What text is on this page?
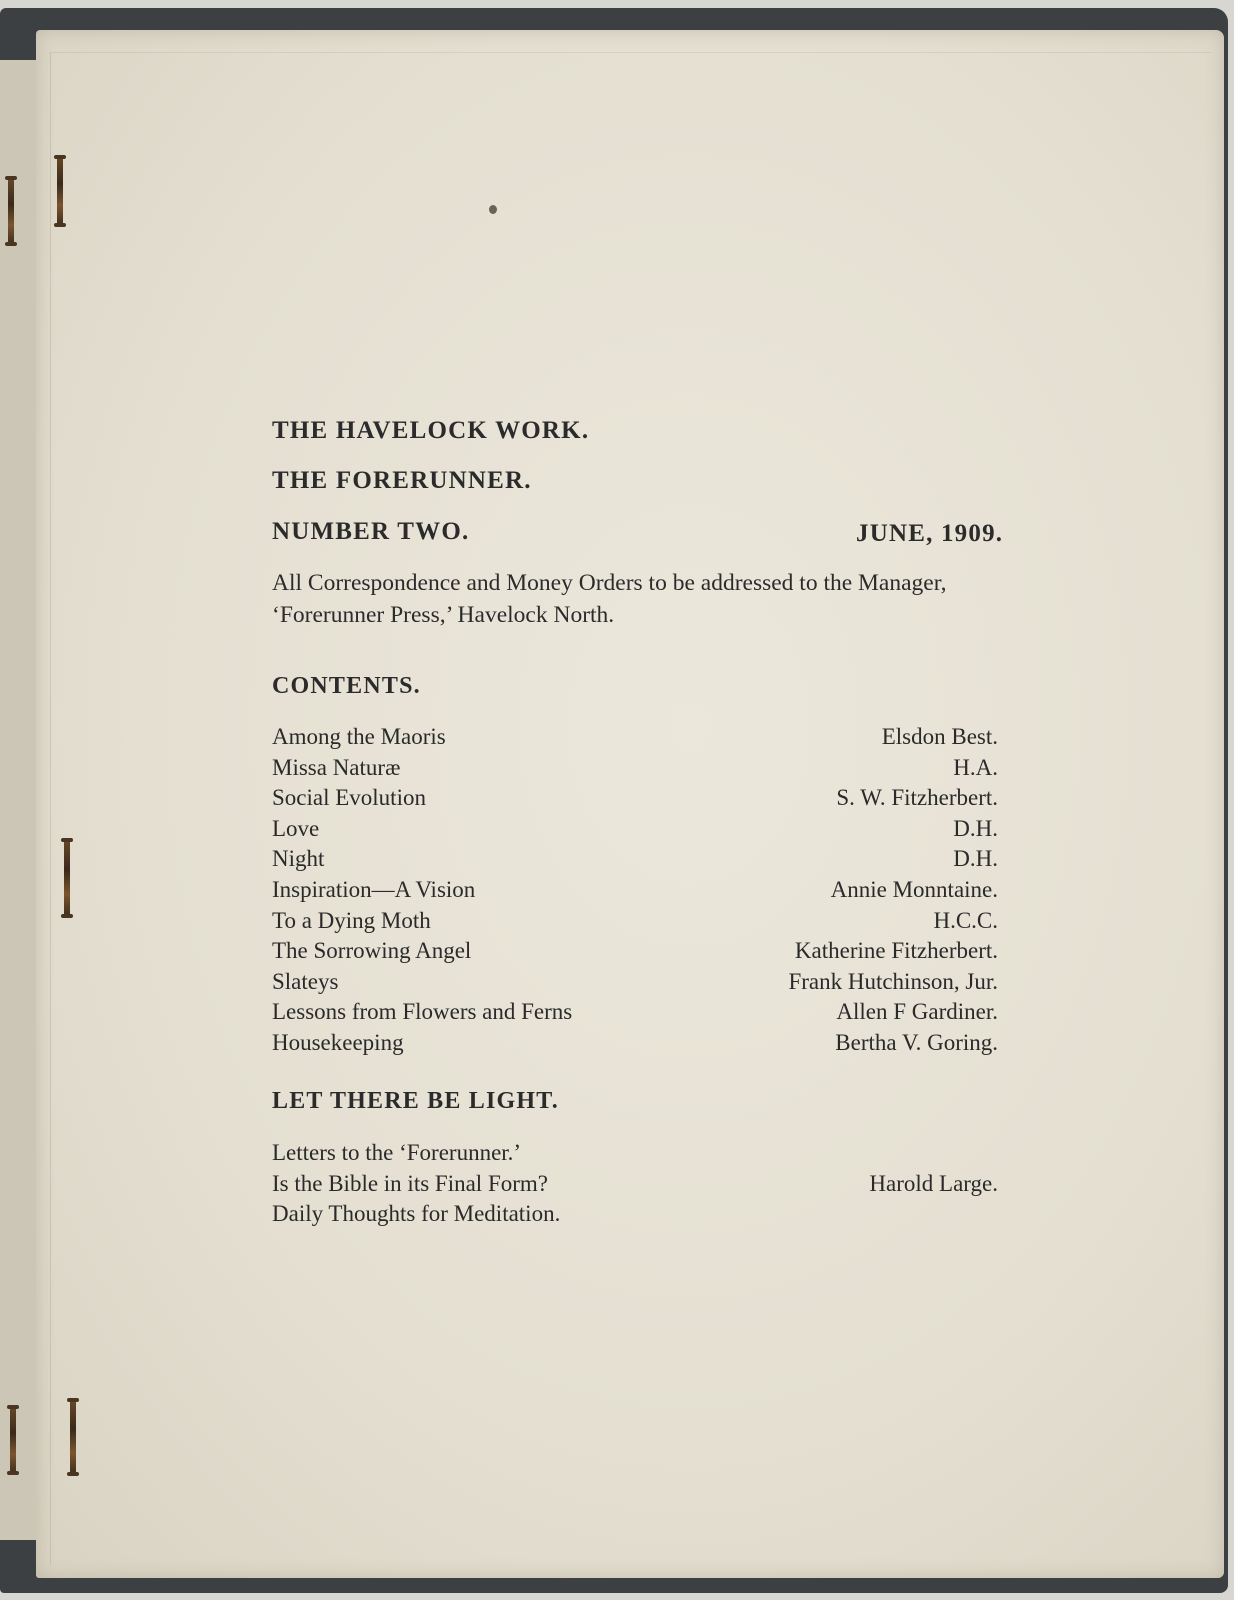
THE HAVELOCK WORK.
THE FORERUNNER.
NUMBER TWO.	JUNE, 1909.
All Correspondence and Money Orders to be addressed to the Manager, ‘Forerunner Press,’ Havelock North.
CONTENTS.
Among the Maoris	Elsdon Best.
Missa Naturæ	H.A.
Social Evolution	S. W. Fitzherbert.
Love	D.H.
Night	D.H.
Inspiration—A Vision	Annie Monntaine.
To a Dying Moth	H.C.C.
The Sorrowing Angel	Katherine Fitzherbert.
Slateys	Frank Hutchinson, Jur.
Lessons from Flowers and Ferns	Allen F Gardiner.
Housekeeping	Bertha V. Goring.
LET THERE BE LIGHT.
Letters to the ‘Forerunner.’
Is the Bible in its Final Form?	Harold Large.
Daily Thoughts for Meditation.
